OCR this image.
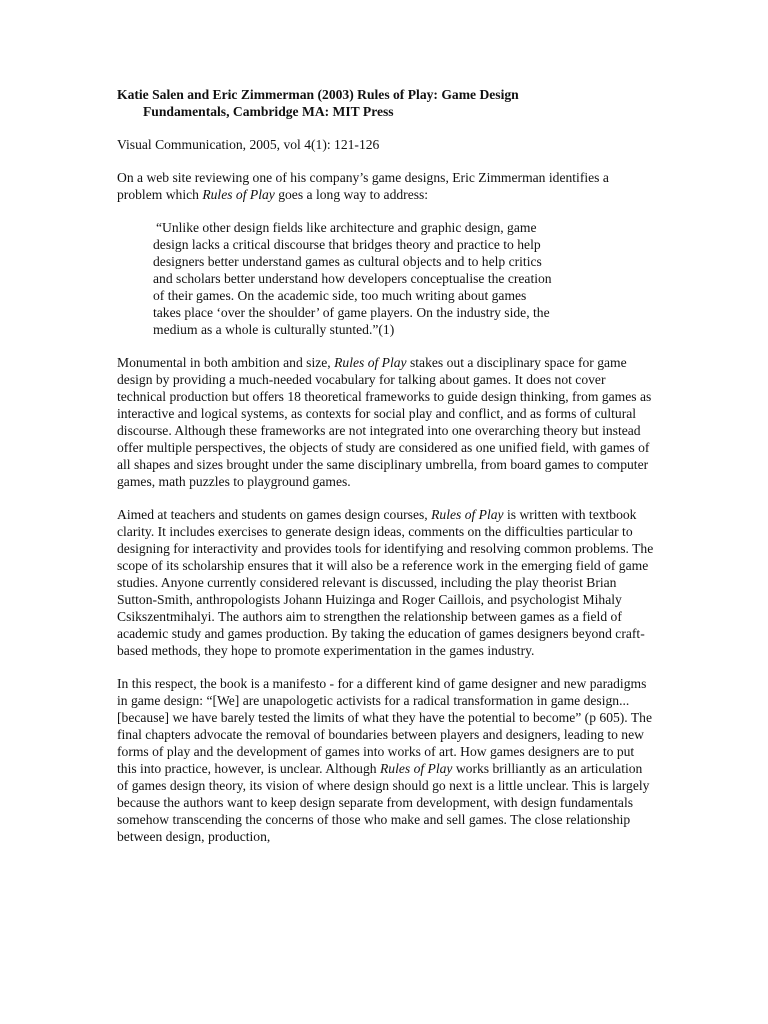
Katie Salen and Eric Zimmerman (2003) Rules of Play: Game Design
Fundamentals, Cambridge MA: MIT Press

Visual Communication, 2005, vol 4(1): 121-126

On a web site reviewing one of his company’s game designs, Eric Zimmerman identifies a problem which Rules of Play goes a long way to address:

“Unlike other design fields like architecture and graphic design, game design lacks a critical discourse that bridges theory and practice to help designers better understand games as cultural objects and to help critics and scholars better understand how developers conceptualise the creation of their games. On the academic side, too much writing about games takes place ‘over the shoulder’ of game players. On the industry side, the medium as a whole is culturally stunted.”(1)

Monumental in both ambition and size, Rules of Play stakes out a disciplinary space for game design by providing a much-needed vocabulary for talking about games. It does not cover technical production but offers 18 theoretical frameworks to guide design thinking, from games as interactive and logical systems, as contexts for social play and conflict, and as forms of cultural discourse. Although these frameworks are not integrated into one overarching theory but instead offer multiple perspectives, the objects of study are considered as one unified field, with games of all shapes and sizes brought under the same disciplinary umbrella, from board games to computer games, math puzzles to playground games.

Aimed at teachers and students on games design courses, Rules of Play is written with textbook clarity. It includes exercises to generate design ideas, comments on the difficulties particular to designing for interactivity and provides tools for identifying and resolving common problems. The scope of its scholarship ensures that it will also be a reference work in the emerging field of game studies. Anyone currently considered relevant is discussed, including the play theorist Brian Sutton-Smith, anthropologists Johann Huizinga and Roger Caillois, and psychologist Mihaly Csikszentmihalyi. The authors aim to strengthen the relationship between games as a field of academic study and games production. By taking the education of games designers beyond craft-based methods, they hope to promote experimentation in the games industry.

In this respect, the book is a manifesto - for a different kind of game designer and new paradigms in game design: “[We] are unapologetic activists for a radical transformation in game design...[because] we have barely tested the limits of what they have the potential to become” (p 605). The final chapters advocate the removal of boundaries between players and designers, leading to new forms of play and the development of games into works of art. How games designers are to put this into practice, however, is unclear. Although Rules of Play works brilliantly as an articulation of games design theory, its vision of where design should go next is a little unclear. This is largely because the authors want to keep design separate from development, with design fundamentals somehow transcending the concerns of those who make and sell games. The close relationship between design, production,
